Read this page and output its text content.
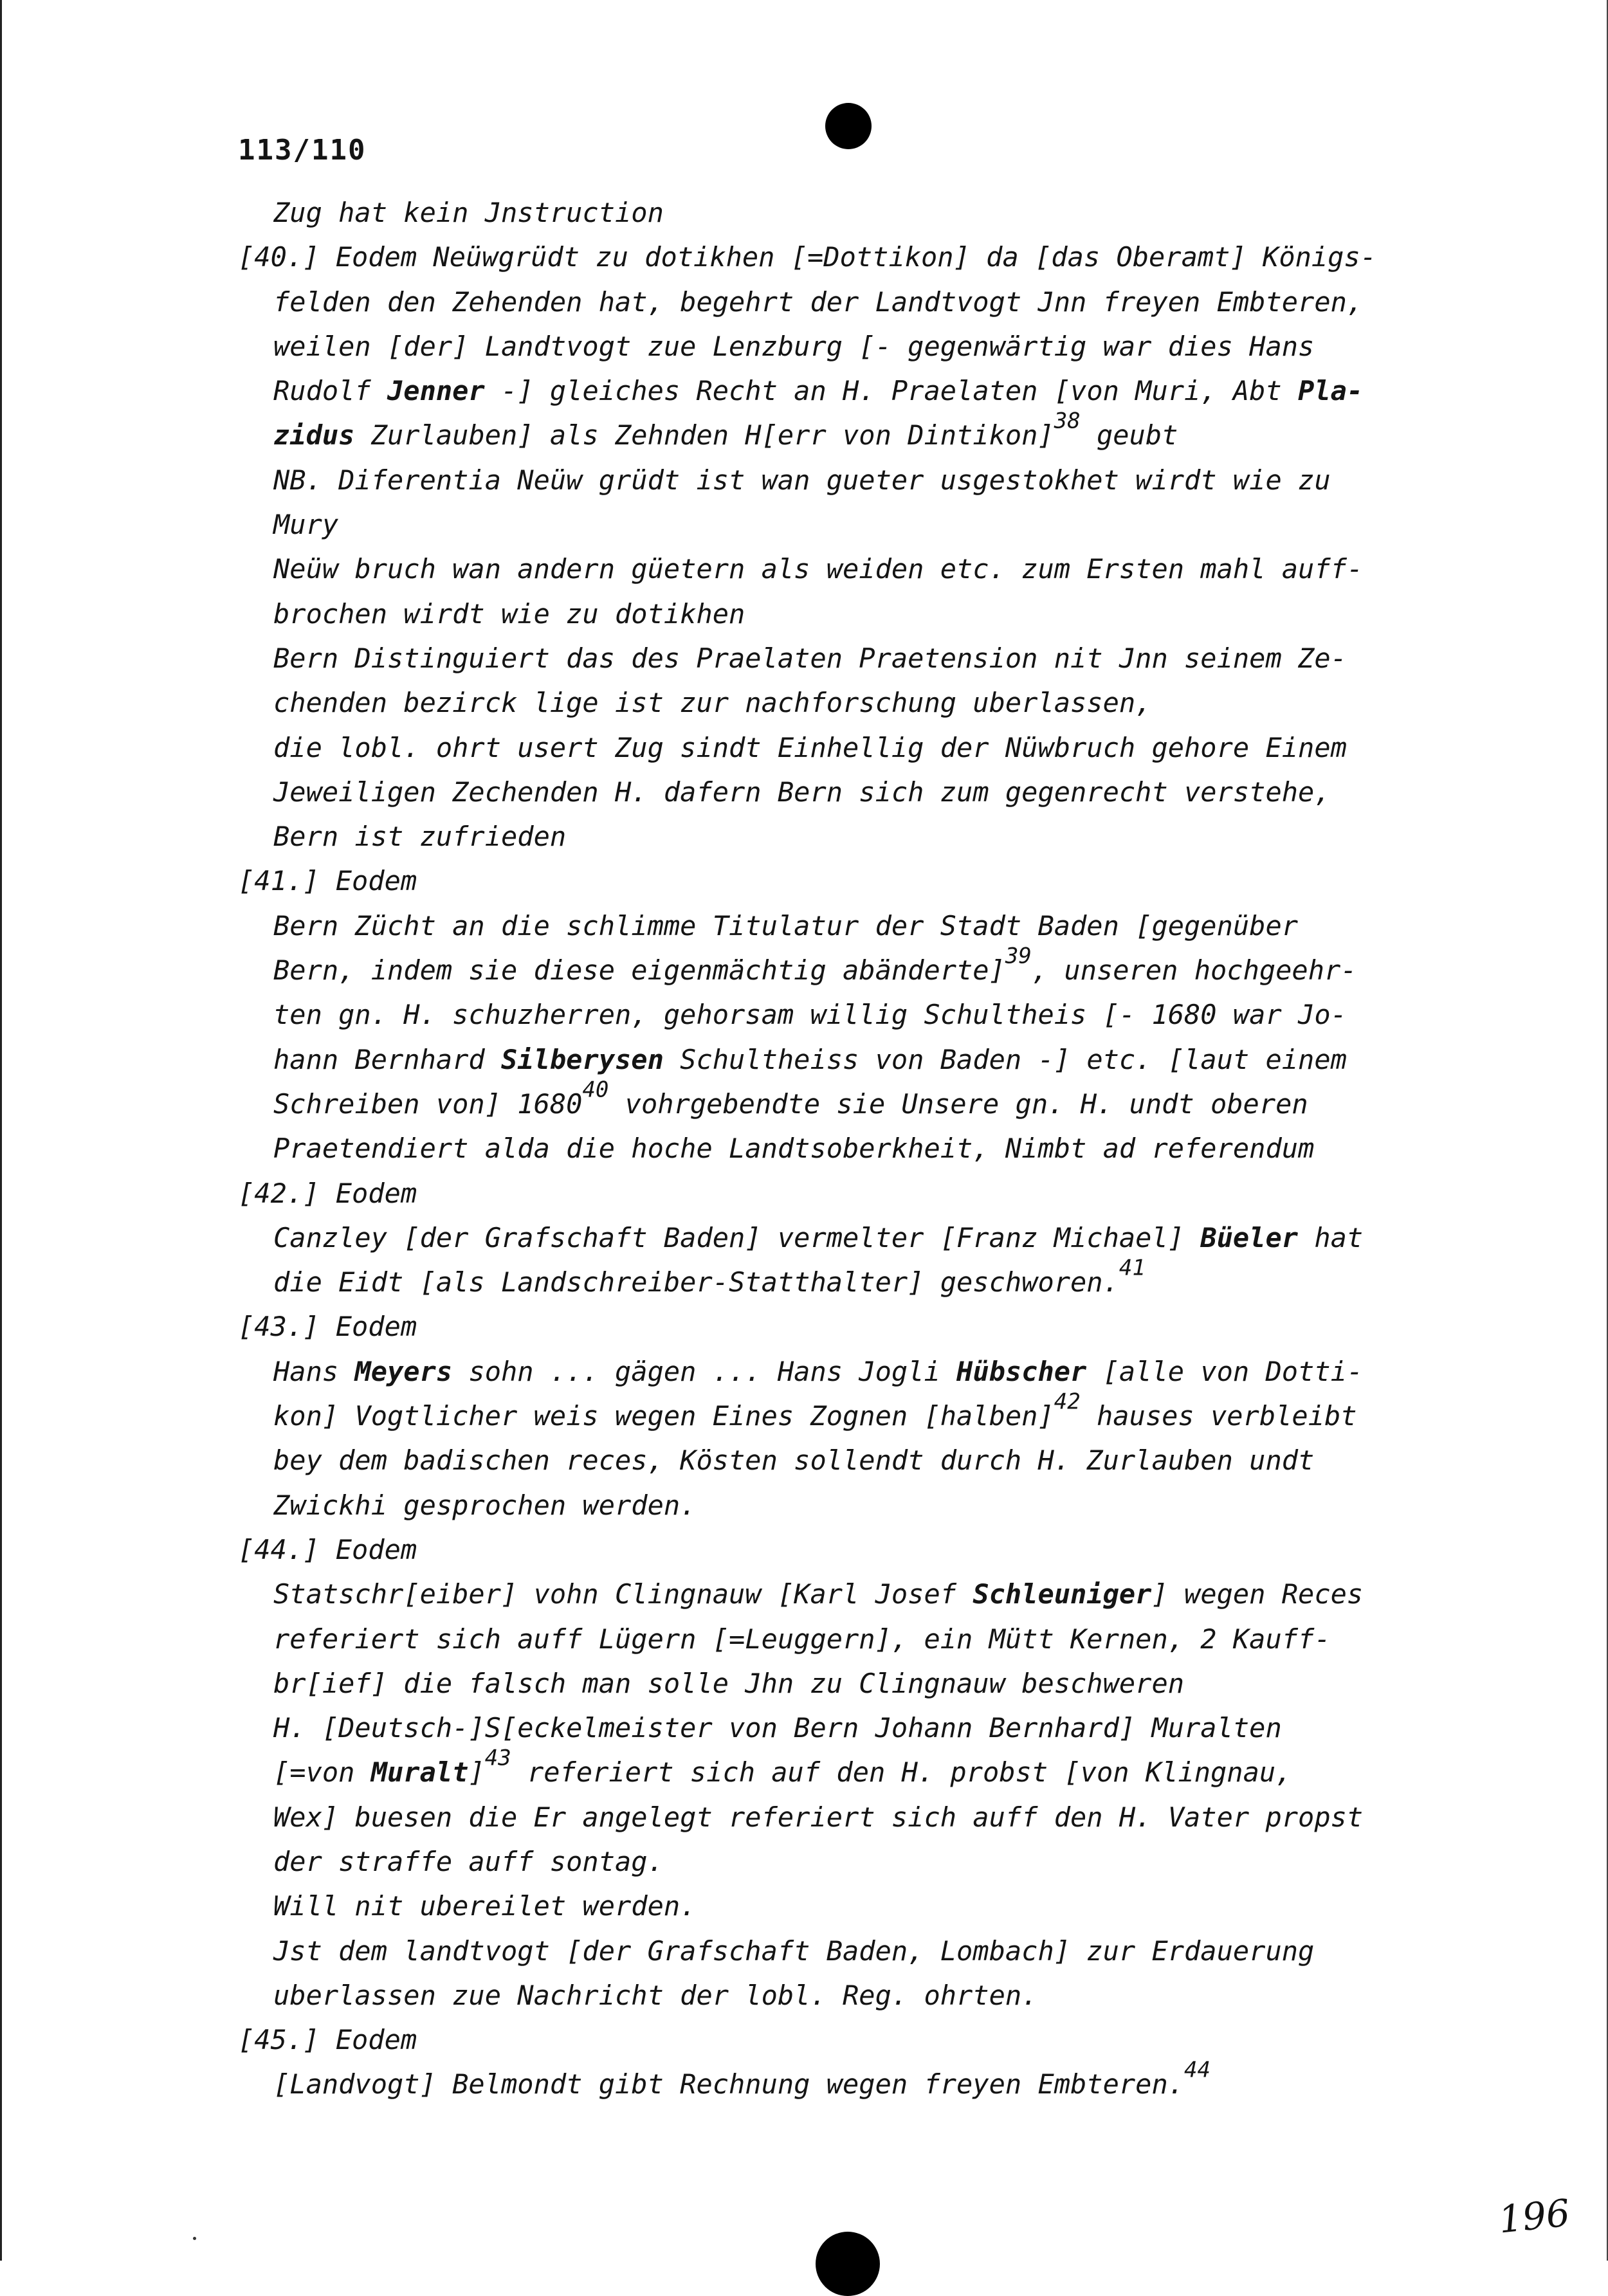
113/110
Zug hat kein Jnstruction
[40.] Eodem Neüwgrüdt zu dotikhen [=Dottikon] da [das Oberamt] Königs-
felden den Zehenden hat, begehrt der Landtvogt Jnn freyen Embteren,
weilen [der] Landtvogt zue Lenzburg [- gegenwärtig war dies Hans
Rudolf Jenner -] gleiches Recht an H. Praelaten [von Muri, Abt Pla-
zidus Zurlauben] als Zehnden H[err von Dintikon]$^{38}$ geubt
NB. Diferentia Neüw grüdt ist wan gueter usgestokhet wirdt wie zu
Mury
Neüw bruch wan andern güetern als weiden etc. zum Ersten mahl auff-
brochen wirdt wie zu dotikhen
Bern Distinguiert das des Praelaten Praetension nit Jnn seinem Ze-
chenden bezirck lige ist zur nachforschung uberlassen,
die lobl. ohrt usert Zug sindt Einhellig der Nüwbruch gehore Einem
Jeweiligen Zechenden H. dafern Bern sich zum gegenrecht verstehe,
Bern ist zufrieden
[41.] Eodem
Bern Zücht an die schlimme Titulatur der Stadt Baden [gegenüber
Bern, indem sie diese eigenmächtig abänderte]$^{39}$, unseren hochgeehr-
ten gn. H. schuzherren, gehorsam willig Schultheis [- 1680 war Jo-
hann Bernhard Silberysen Schultheiss von Baden -] etc. [laut einem
Schreiben von] 1680$^{40}$ vohrgebendte sie Unsere gn. H. undt oberen
Praetendiert alda die hoche Landtsoberkheit, Nimbt ad referendum
[42.] Eodem
Canzley [der Grafschaft Baden] vermelter [Franz Michael] Büeler hat
die Eidt [als Landschreiber-Statthalter] geschworen.$^{41}$
[43.] Eodem
Hans Meyers sohn ... gägen ... Hans Jogli Hübscher [alle von Dotti-
kon] Vogtlicher weis wegen Eines Zognen [halben]$^{42}$ hauses verbleibt
bey dem badischen reces, Kösten sollendt durch H. Zurlauben undt
Zwickhi gesprochen werden.
[44.] Eodem
Statschr[eiber] vohn Clingnauw [Karl Josef Schleuniger] wegen Reces
referiert sich auff Lügern [=Leuggern], ein Mütt Kernen, 2 Kauff-
br[ief] die falsch man solle Jhn zu Clingnauw beschweren
H. [Deutsch-]S[eckelmeister von Bern Johann Bernhard] Muralten
[=von Muralt]$^{43}$ referiert sich auf den H. probst [von Klingnau,
Wex] buesen die Er angelegt referiert sich auff den H. Vater propst
der straffe auff sontag.
Will nit ubereilet werden.
Jst dem landtvogt [der Grafschaft Baden, Lombach] zur Erdauerung
uberlassen zue Nachricht der lobl. Reg. ohrten.
[45.] Eodem
[Landvogt] Belmondt gibt Rechnung wegen freyen Embteren.$^{44}$
196
